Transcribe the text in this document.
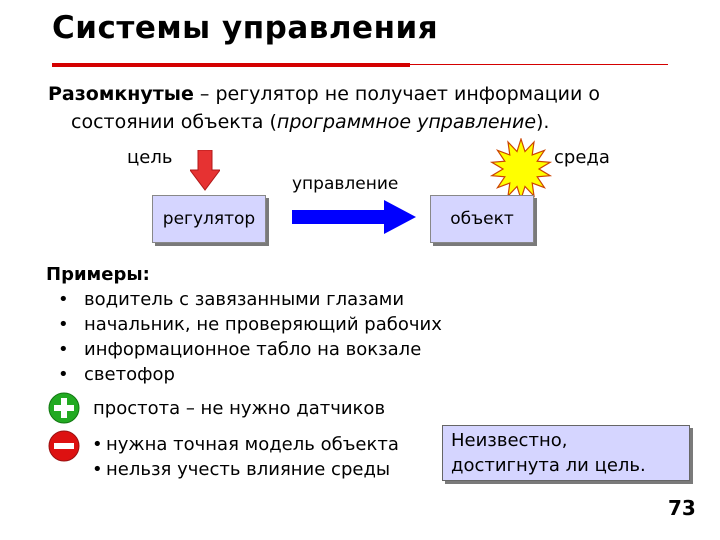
Системы управления
Разомкнутые – регулятор не получает информации о
состоянии объекта (программное управление).
цель	среда
управление
регулятор	объект
Примеры:
• водитель с завязанными глазами
• начальник, не проверяющий рабочих
• информационное табло на вокзале
• светофор
простота – не нужно датчиков
• нужна точная модель объекта
• нельзя учесть влияние среды
Неизвестно,
достигнута ли цель.
73
